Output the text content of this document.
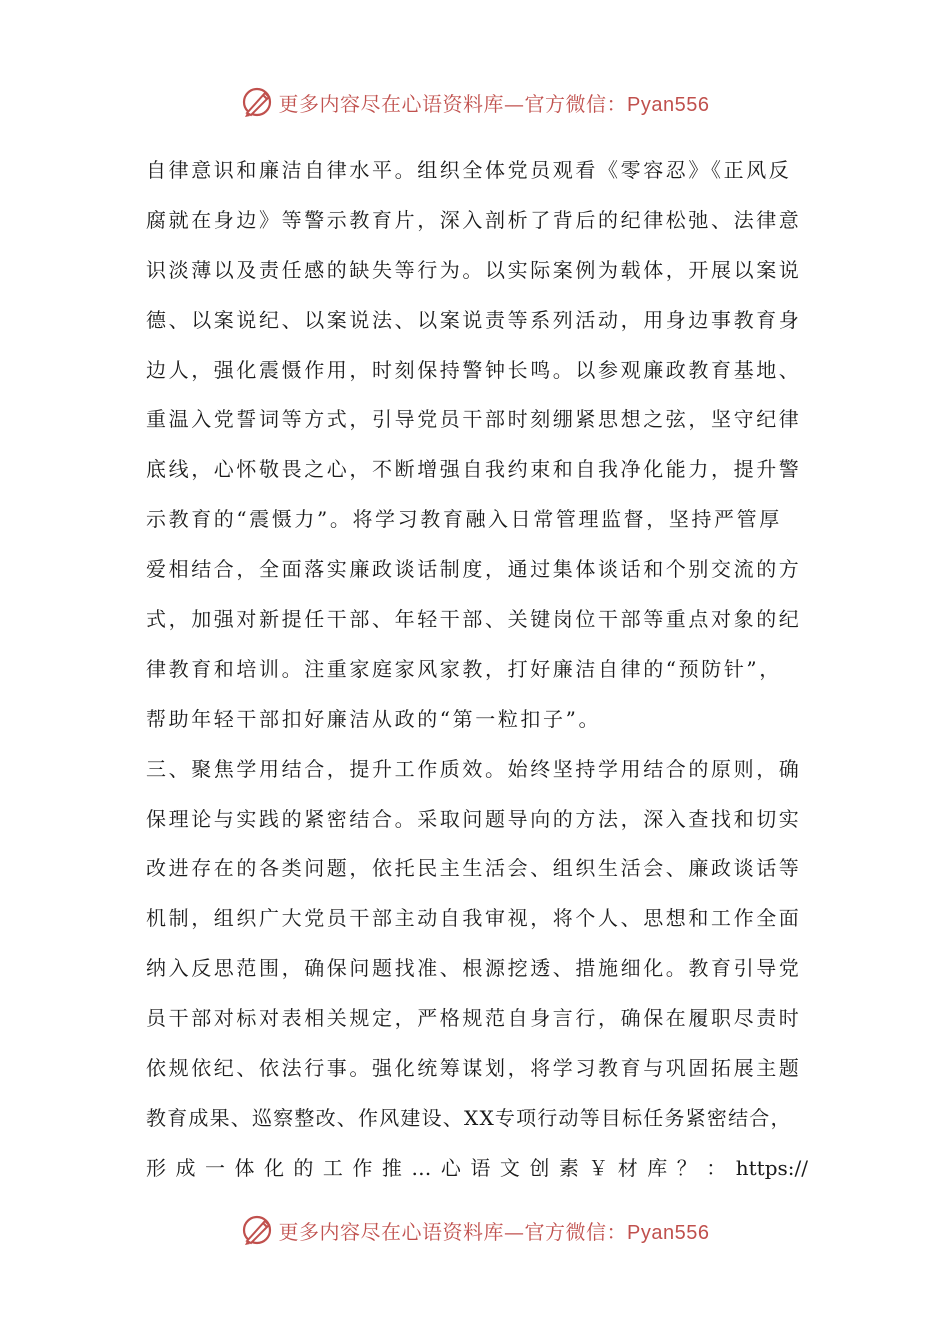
更多内容尽在心语资料库—官方微信：Pyan556
自律意识和廉洁自律水平。组织全体党员观看《零容忍》《正风反
腐就在身边》等警示教育片，深入剖析了背后的纪律松弛、法律意
识淡薄以及责任感的缺失等行为。以实际案例为载体，开展以案说
德、以案说纪、以案说法、以案说责等系列活动，用身边事教育身
边人，强化震慑作用，时刻保持警钟长鸣。以参观廉政教育基地、
重温入党誓词等方式，引导党员干部时刻绷紧思想之弦，坚守纪律
底线，心怀敬畏之心，不断增强自我约束和自我净化能力，提升警
示教育的“震慑力”。将学习教育融入日常管理监督，坚持严管厚
爱相结合，全面落实廉政谈话制度，通过集体谈话和个别交流的方
式，加强对新提任干部、年轻干部、关键岗位干部等重点对象的纪
律教育和培训。注重家庭家风家教，打好廉洁自律的“预防针”，
帮助年轻干部扣好廉洁从政的“第一粒扣子”。
三、聚焦学用结合，提升工作质效。始终坚持学用结合的原则，确
保理论与实践的紧密结合。采取问题导向的方法，深入查找和切实
改进存在的各类问题，依托民主生活会、组织生活会、廉政谈话等
机制，组织广大党员干部主动自我审视，将个人、思想和工作全面
纳入反思范围，确保问题找准、根源挖透、措施细化。教育引导党
员干部对标对表相关规定，严格规范自身言行，确保在履职尽责时
依规依纪、依法行事。强化统筹谋划，将学习教育与巩固拓展主题
教育成果、巡察整改、作风建设、XX专项行动等目标任务紧密结合，
形成一体化的工作推…心语文创素￥材库？：https://
更多内容尽在心语资料库—官方微信：Pyan556
